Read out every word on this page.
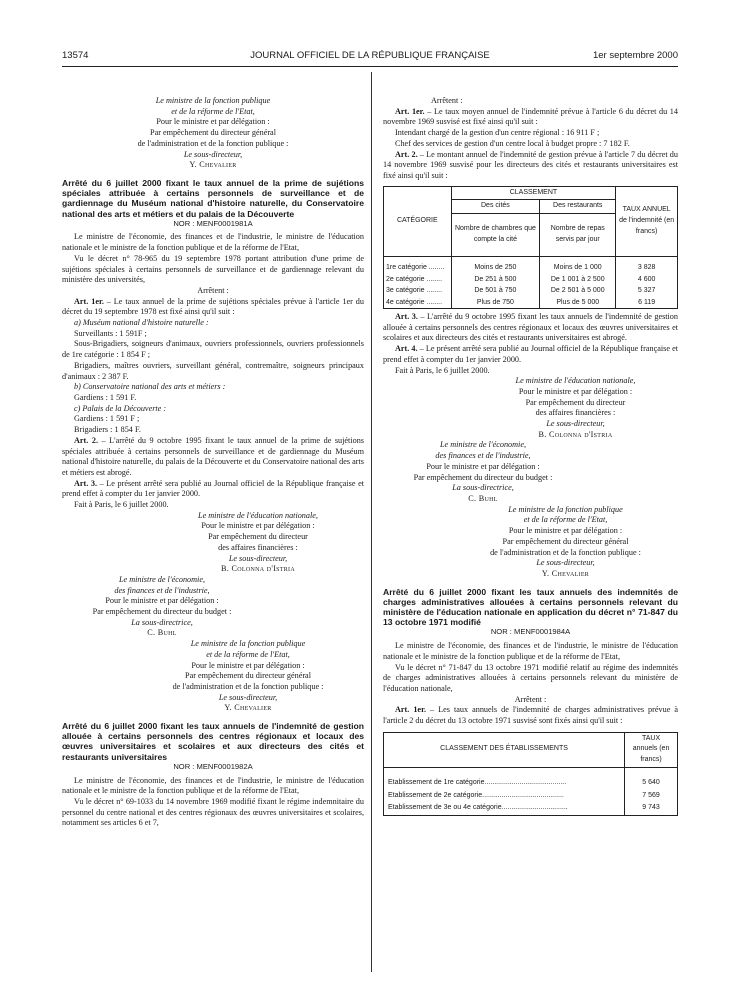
13574	JOURNAL OFFICIEL DE LA RÉPUBLIQUE FRANÇAISE	1er septembre 2000
Le ministre de la fonction publique
et de la réforme de l'Etat,
Pour le ministre et par délégation :
Par empêchement du directeur général
de l'administration et de la fonction publique :
Le sous-directeur,
Y. Chevalier

Arrêté du 6 juillet 2000 fixant le taux annuel de la prime de sujétions spéciales attribuée à certains personnels de surveillance et de gardiennage du Muséum national d'histoire naturelle, du Conservatoire national des arts et métiers et du palais de la Découverte

NOR : MENF0001981A

Le ministre de l'économie, des finances et de l'industrie, le ministre de l'éducation nationale et le ministre de la fonction publique et de la réforme de l'Etat,

Vu le décret n° 78-965 du 19 septembre 1978 portant attribution d'une prime de sujétions spéciales à certains personnels de surveillance et de gardiennage relevant du ministère des universités,

Arrêtent :

Art. 1er. – Le taux annuel de la prime de sujétions spéciales prévue à l'article 1er du décret du 19 septembre 1978 est fixé ainsi qu'il suit :

a) Muséum national d'histoire naturelle :

Surveillants : 1 591F ;

Sous-Brigadiers, soigneurs d'animaux, ouvriers professionnels, ouvriers professionnels de 1re catégorie : 1 854 F ;

Brigadiers, maîtres ouvriers, surveillant général, contremaître, soigneurs principaux d'animaux : 2 387 F.

b) Conservatoire national des arts et métiers :

Gardiens : 1 591 F.

c) Palais de la Découverte :

Gardiens : 1 591 F ;

Brigadiers : 1 854 F.

Art. 2. – L'arrêté du 9 octobre 1995 fixant le taux annuel de la prime de sujétions spéciales attribuée à certains personnels de surveillance et de gardiennage du Muséum national d'histoire naturelle, du palais de la Découverte et du Conservatoire national des arts et métiers est abrogé.

Art. 3. – Le présent arrêté sera publié au Journal officiel de la République française et prend effet à compter du 1er janvier 2000.

Fait à Paris, le 6 juillet 2000.

Le ministre de l'éducation nationale,
Pour le ministre et par délégation :
Par empêchement du directeur
des affaires financières :
Le sous-directeur,
B. Colonna d'Istria
Le ministre de l'économie,
des finances et de l'industrie,
Pour le ministre et par délégation :
Par empêchement du directeur du budget :
La sous-directrice,
C. Buhl
Le ministre de la fonction publique
et de la réforme de l'Etat,
Pour le ministre et par délégation :
Par empêchement du directeur général
de l'administration et de la fonction publique :
Le sous-directeur,
Y. Chevalier

Arrêté du 6 juillet 2000 fixant les taux annuels de l'indemnité de gestion allouée à certains personnels des centres régionaux et locaux des œuvres universitaires et scolaires et aux directeurs des cités et restaurants universitaires

NOR : MENF0001982A

Le ministre de l'économie, des finances et de l'industrie, le ministre de l'éducation nationale et le ministre de la fonction publique et de la réforme de l'Etat,

Vu le décret n° 69-1033 du 14 novembre 1969 modifié fixant le régime indemnitaire du personnel du centre national et des centres régionaux des œuvres universitaires et scolaires, notamment ses articles 6 et 7,

Arrêtent :

Art. 1er. – Le taux moyen annuel de l'indemnité prévue à l'article 6 du décret du 14 novembre 1969 susvisé est fixé ainsi qu'il suit :

Intendant chargé de la gestion d'un centre régional : 16 911 F ;

Chef des services de gestion d'un centre local à budget propre : 7 182 F.

Art. 2. – Le montant annuel de l'indemnité de gestion prévue à l'article 7 du décret du 14 novembre 1969 susvisé pour les directeurs des cités et restaurants universitaires est fixé ainsi qu'il suit :

CATÉGORIE	CLASSEMENT		TAUX ANNUEL de l'indemnité (en francs)
	Des cités	Des restaurants	
	Nombre de chambres que compte la cité	Nombre de repas servis par jour	
1re catégorie ........	Moins de 250	Moins de 1 000	3 828
2e catégorie ........	De 251 à 500	De 1 001 à 2 500	4 600
3e catégorie ........	De 501 à 750	De 2 501 à 5 000	5 327
4e catégorie ........	Plus de 750	Plus de 5 000	6 119

Art. 3. – L'arrêté du 9 octobre 1995 fixant les taux annuels de l'indemnité de gestion allouée à certains personnels des centres régionaux et locaux des œuvres universitaires et scolaires et aux directeurs des cités et restaurants universitaires est abrogé.

Art. 4. – Le présent arrêté sera publié au Journal officiel de la République française et prend effet à compter du 1er janvier 2000.

Fait à Paris, le 6 juillet 2000.

Le ministre de l'éducation nationale,
Pour le ministre et par délégation :
Par empêchement du directeur
des affaires financières :
Le sous-directeur,
B. Colonna d'Istria
Le ministre de l'économie,
des finances et de l'industrie,
Pour le ministre et par délégation :
Par empêchement du directeur du budget :
La sous-directrice,
C. Buhl
Le ministre de la fonction publique
et de la réforme de l'Etat,
Pour le ministre et par délégation :
Par empêchement du directeur général
de l'administration et de la fonction publique :
Le sous-directeur,
Y. Chevalier

Arrêté du 6 juillet 2000 fixant les taux annuels des indemnités de charges administratives allouées à certains personnels relevant du ministère de l'éducation nationale en application du décret n° 71-847 du 13 octobre 1971 modifié

NOR : MENF0001984A

Le ministre de l'économie, des finances et de l'industrie, le ministre de l'éducation nationale et le ministre de la fonction publique et de la réforme de l'Etat,

Vu le décret n° 71-847 du 13 octobre 1971 modifié relatif au régime des indemnités de charges administratives allouées à certains personnels relevant du ministère de l'éducation nationale,

Arrêtent :

Art. 1er. – Les taux annuels de l'indemnité de charges administratives prévue à l'article 2 du décret du 13 octobre 1971 susvisé sont fixés ainsi qu'il suit :

CLASSEMENT DES ÉTABLISSEMENTS	TAUX annuels (en francs)
Etablissement de 1re catégorie..........................................	5 640
Etablissement de 2e catégorie..........................................	7 569
Etablissement de 3e ou 4e catégorie..................................	9 743
